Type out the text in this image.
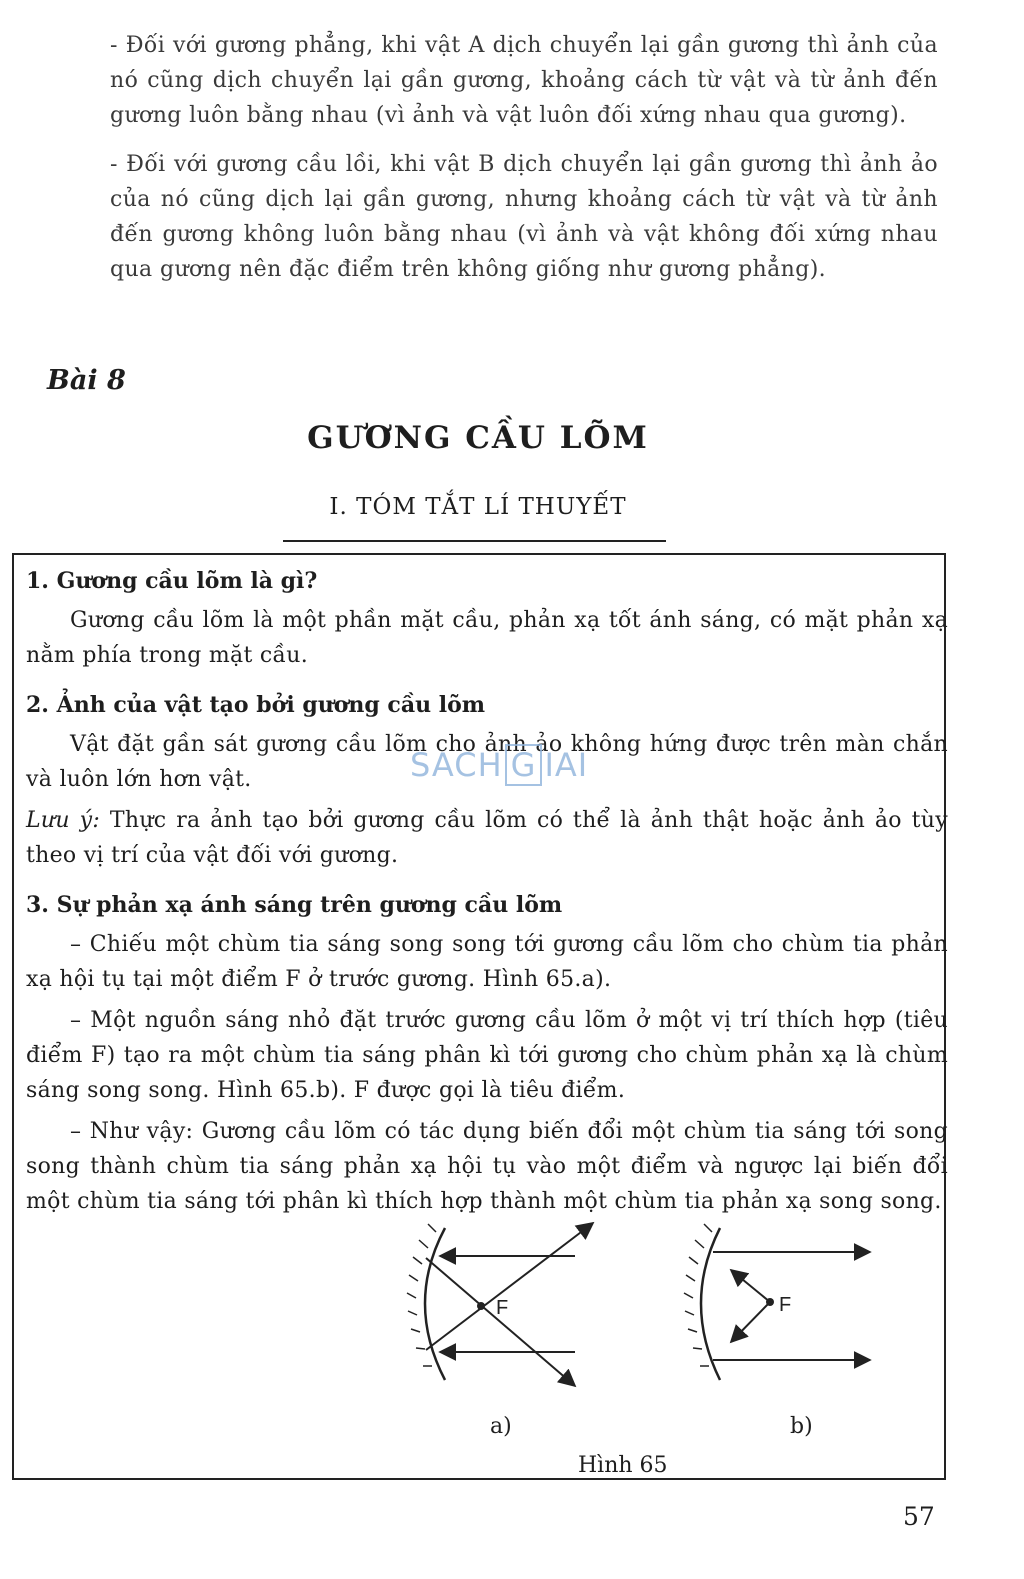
- Đối với gương phẳng, khi vật A dịch chuyển lại gần gương thì ảnh của nó cũng dịch chuyển lại gần gương, khoảng cách từ vật và từ ảnh đến gương luôn bằng nhau (vì ảnh và vật luôn đối xứng nhau qua gương).

- Đối với gương cầu lồi, khi vật B dịch chuyển lại gần gương thì ảnh ảo của nó cũng dịch lại gần gương, nhưng khoảng cách từ vật và từ ảnh đến gương không luôn bằng nhau (vì ảnh và vật không đối xứng nhau qua gương nên đặc điểm trên không giống như gương phẳng).

Bài 8
GƯƠNG CẦU LÕM
I. TÓM TẮT LÍ THUYẾT
1. Gương cầu lõm là gì?

Gương cầu lõm là một phần mặt cầu, phản xạ tốt ánh sáng, có mặt phản xạ nằm phía trong mặt cầu.

2. Ảnh của vật tạo bởi gương cầu lõm

Vật đặt gần sát gương cầu lõm cho ảnh ảo không hứng được trên màn chắn và luôn lớn hơn vật.

Lưu ý: Thực ra ảnh tạo bởi gương cầu lõm có thể là ảnh thật hoặc ảnh ảo tùy theo vị trí của vật đối với gương.

3. Sự phản xạ ánh sáng trên gương cầu lõm

– Chiếu một chùm tia sáng song song tới gương cầu lõm cho chùm tia phản xạ hội tụ tại một điểm F ở trước gương. Hình 65.a).

– Một nguồn sáng nhỏ đặt trước gương cầu lõm ở một vị trí thích hợp (tiêu điểm F) tạo ra một chùm tia sáng phân kì tới gương cho chùm phản xạ là chùm sáng song song. Hình 65.b). F được gọi là tiêu điểm.

– Như vậy: Gương cầu lõm có tác dụng biến đổi một chùm tia sáng tới song song thành chùm tia sáng phản xạ hội tụ vào một điểm và ngược lại biến đổi một chùm tia sáng tới phân kì thích hợp thành một chùm tia phản xạ song song.

SACH G IAI
F	F
a)	b)
Hình 65
57
